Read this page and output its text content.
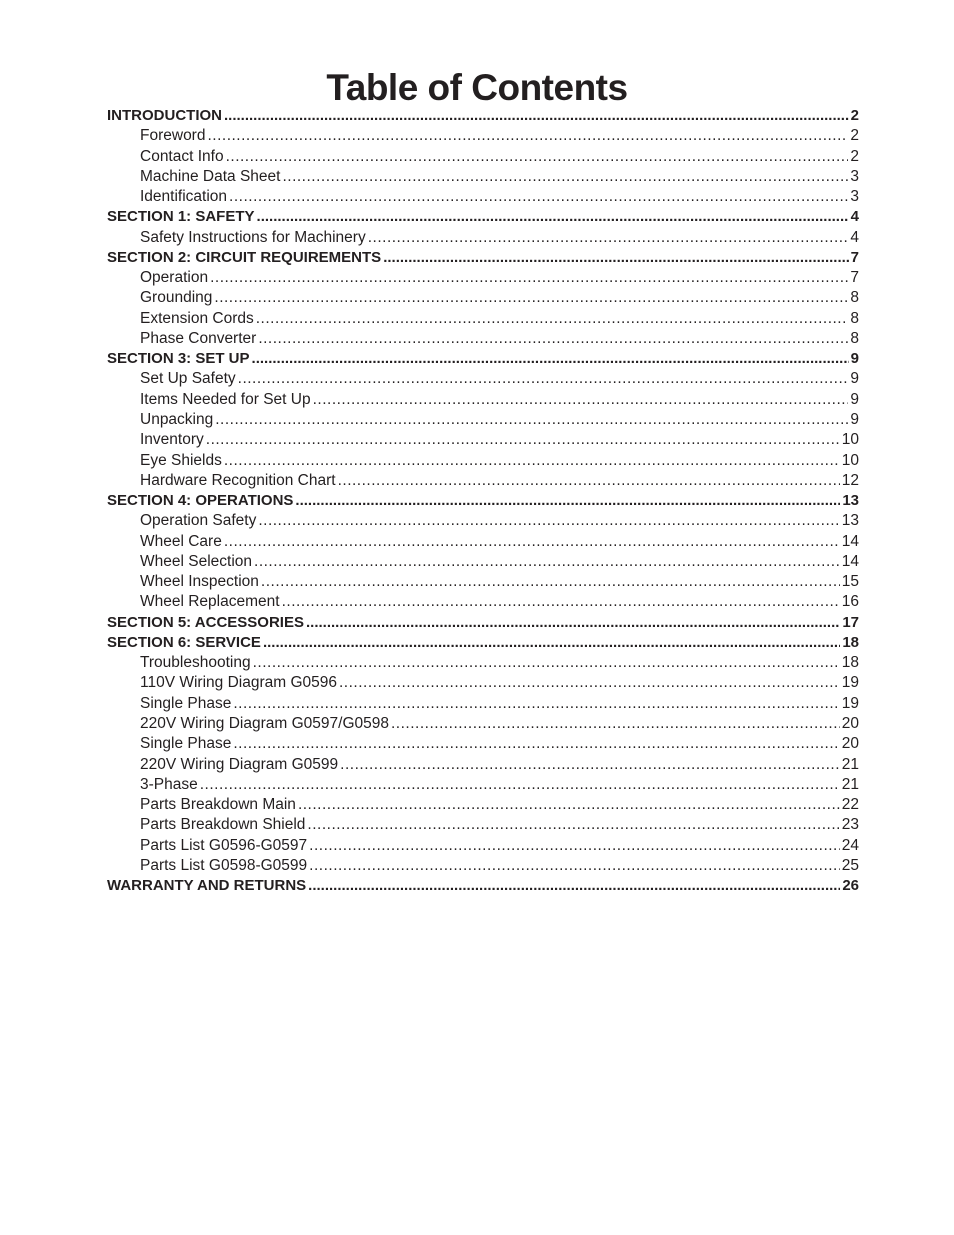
Table of Contents
INTRODUCTION .....	2
Foreword .....	2
Contact Info .....	2
Machine Data Sheet .....	3
Identification .....	3
SECTION 1: SAFETY .....	4
Safety Instructions for Machinery .....	4
SECTION 2: CIRCUIT REQUIREMENTS .....	7
Operation .....	7
Grounding .....	8
Extension Cords .....	8
Phase Converter .....	8
SECTION 3: SET UP .....	9
Set Up Safety .....	9
Items Needed for Set Up .....	9
Unpacking .....	9
Inventory .....	10
Eye Shields .....	10
Hardware Recognition Chart .....	12
SECTION 4: OPERATIONS .....	13
Operation Safety .....	13
Wheel Care .....	14
Wheel Selection .....	14
Wheel Inspection .....	15
Wheel Replacement .....	16
SECTION 5: ACCESSORIES .....	17
SECTION 6: SERVICE .....	18
Troubleshooting .....	18
110V Wiring Diagram G0596 .....	19
Single Phase .....	19
220V Wiring Diagram G0597/G0598 .....	20
Single Phase .....	20
220V Wiring Diagram G0599 .....	21
3-Phase .....	21
Parts Breakdown Main .....	22
Parts Breakdown Shield .....	23
Parts List G0596-G0597 .....	24
Parts List G0598-G0599 .....	25
WARRANTY AND RETURNS .....	26
